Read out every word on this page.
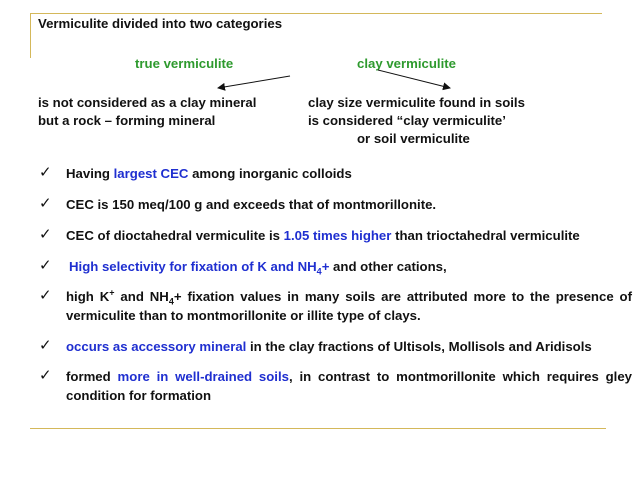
Vermiculite divided into two categories
true vermiculite	clay vermiculite
is not considered as a clay mineral
but a rock – forming mineral
clay size vermiculite found in soils
is considered “clay vermiculite’
or soil vermiculite
✓ Having largest CEC among inorganic colloids
✓ CEC is 150 meq/100 g and exceeds that of montmorillonite.
✓ CEC of dioctahedral vermiculite is 1.05 times higher than trioctahedral vermiculite
✓ High selectivity for fixation of K and $NH_4+$ and other cations,
✓ high K+ and $NH_4+$ fixation values in many soils are attributed more to the presence of vermiculite than to montmorillonite or illite type of clays.
✓ occurs as accessory mineral in the clay fractions of Ultisols, Mollisols and Aridisols
✓ formed more in well-drained soils, in contrast to montmorillonite which requires gley condition for formation
